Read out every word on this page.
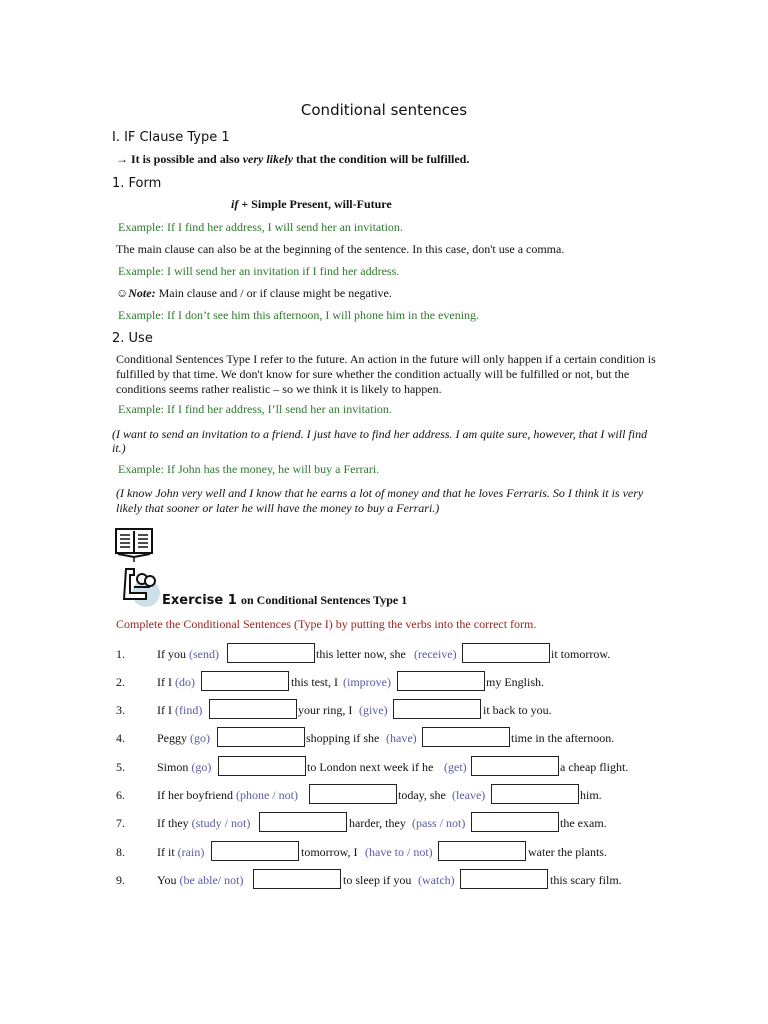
Conditional sentences
I. IF Clause Type 1
→ It is possible and also very likely that the condition will be fulfilled.
1. Form
if + Simple Present, will-Future
Example: If I find her address, I will send her an invitation.
The main clause can also be at the beginning of the sentence. In this case, don't use a comma.
Example: I will send her an invitation if I find her address.
☺Note: Main clause and / or if clause might be negative.
Example: If I don’t see him this afternoon, I will phone him in the evening.
2. Use
Conditional Sentences Type I refer to the future. An action in the future will only happen if a certain condition is fulfilled by that time. We don't know for sure whether the condition actually will be fulfilled or not, but the conditions seems rather realistic – so we think it is likely to happen.
Example: If I find her address, I’ll send her an invitation.
(I want to send an invitation to a friend. I just have to find her address. I am quite sure, however, that I will find it.)
Example: If John has the money, he will buy a Ferrari.
(I know John very well and I know that he earns a lot of money and that he loves Ferraris. So I think it is very likely that sooner or later he will have the money to buy a Ferrari.)
Exercise 1 on Conditional Sentences Type 1
Complete the Conditional Sentences (Type I) by putting the verbs into the correct form.
1.	If you (send)	this letter now, she (receive)	it tomorrow.
2.	If I (do)	this test, I (improve)	my English.
3.	If I (find)	your ring, I (give)	it back to you.
4.	Peggy (go)	shopping if she (have)	time in the afternoon.
5.	Simon (go)	to London next week if he (get)	a cheap flight.
6.	If her boyfriend (phone / not)	today, she (leave)	him.
7.	If they (study / not)	harder, they (pass / not)	the exam.
8.	If it (rain)	tomorrow, I (have to / not)	water the plants.
9.	You (be able/ not)	to sleep if you (watch)	this scary film.
